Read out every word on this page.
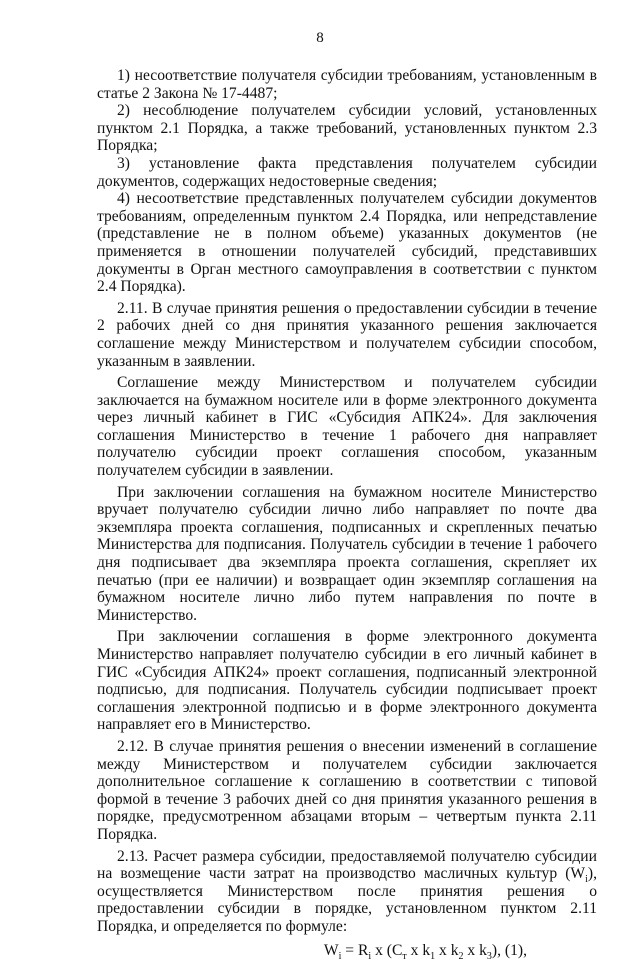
8

1) несоответствие получателя субсидии требованиям, установленным в статье 2 Закона № 17-4487;

2) несоблюдение получателем субсидии условий, установленных пунктом 2.1 Порядка, а также требований, установленных пунктом 2.3 Порядка;

3) установление факта представления получателем субсидии документов, содержащих недостоверные сведения;

4) несоответствие представленных получателем субсидии документов требованиям, определенным пунктом 2.4 Порядка, или непредставление (представление не в полном объеме) указанных документов (не применяется в отношении получателей субсидий, представивших документы в Орган местного самоуправления в соответствии с пунктом 2.4 Порядка).

2.11. В случае принятия решения о предоставлении субсидии в течение 2 рабочих дней со дня принятия указанного решения заключается соглашение между Министерством и получателем субсидии способом, указанным в заявлении.

Соглашение между Министерством и получателем субсидии заключается на бумажном носителе или в форме электронного документа через личный кабинет в ГИС «Субсидия АПК24». Для заключения соглашения Министерство в течение 1 рабочего дня направляет получателю субсидии проект соглашения способом, указанным получателем субсидии в заявлении.

При заключении соглашения на бумажном носителе Министерство вручает получателю субсидии лично либо направляет по почте два экземпляра проекта соглашения, подписанных и скрепленных печатью Министерства для подписания. Получатель субсидии в течение 1 рабочего дня подписывает два экземпляра проекта соглашения, скрепляет их печатью (при ее наличии) и возвращает один экземпляр соглашения на бумажном носителе лично либо путем направления по почте в Министерство.

При заключении соглашения в форме электронного документа Министерство направляет получателю субсидии в его личный кабинет в ГИС «Субсидия АПК24» проект соглашения, подписанный электронной подписью, для подписания. Получатель субсидии подписывает проект соглашения электронной подписью и в форме электронного документа направляет его в Министерство.

2.12. В случае принятия решения о внесении изменений в соглашение между Министерством и получателем субсидии заключается дополнительное соглашение к соглашению в соответствии с типовой формой в течение 3 рабочих дней со дня принятия указанного решения в порядке, предусмотренном абзацами вторым – четвертым пункта 2.11 Порядка.

2.13. Расчет размера субсидии, предоставляемой получателю субсидии на возмещение части затрат на производство масличных культур $(W_i)$, осуществляется Министерством после принятия решения о предоставлении субсидии в порядке, установленном пунктом 2.11 Порядка, и определяется по формуле:

$W_i = R_i$ x ($C_т$ x $k_1$ x $k_2$ x $k_3$), (1),
